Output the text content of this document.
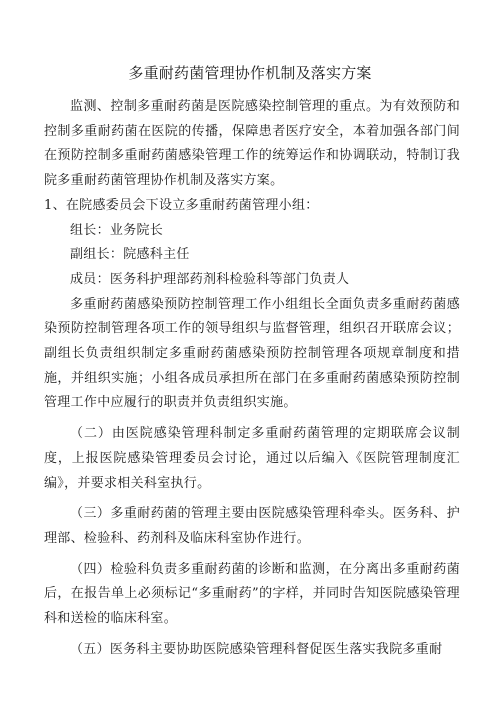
多重耐药菌管理协作机制及落实方案

监测、控制多重耐药菌是医院感染控制管理的重点。为有效预防和控制多重耐药菌在医院的传播，保障患者医疗安全，本着加强各部门间在预防控制多重耐药菌感染管理工作的统筹运作和协调联动，特制订我院多重耐药菌管理协作机制及落实方案。

1、在院感委员会下设立多重耐药菌管理小组：

组长：业务院长

副组长：院感科主任

成员：医务科护理部药剂科检验科等部门负责人

多重耐药菌感染预防控制管理工作小组组长全面负责多重耐药菌感染预防控制管理各项工作的领导组织与监督管理，组织召开联席会议；副组长负责组织制定多重耐药菌感染预防控制管理各项规章制度和措施，并组织实施；小组各成员承担所在部门在多重耐药菌感染预防控制管理工作中应履行的职责并负责组织实施。

（二）由医院感染管理科制定多重耐药菌管理的定期联席会议制度，上报医院感染管理委员会讨论，通过以后编入《医院管理制度汇编》，并要求相关科室执行。

（三）多重耐药菌的管理主要由医院感染管理科牵头。医务科、护理部、检验科、药剂科及临床科室协作进行。

（四）检验科负责多重耐药菌的诊断和监测，在分离出多重耐药菌后，在报告单上必须标记“多重耐药”的字样，并同时告知医院感染管理科和送检的临床科室。

（五）医务科主要协助医院感染管理科督促医生落实我院多重耐
